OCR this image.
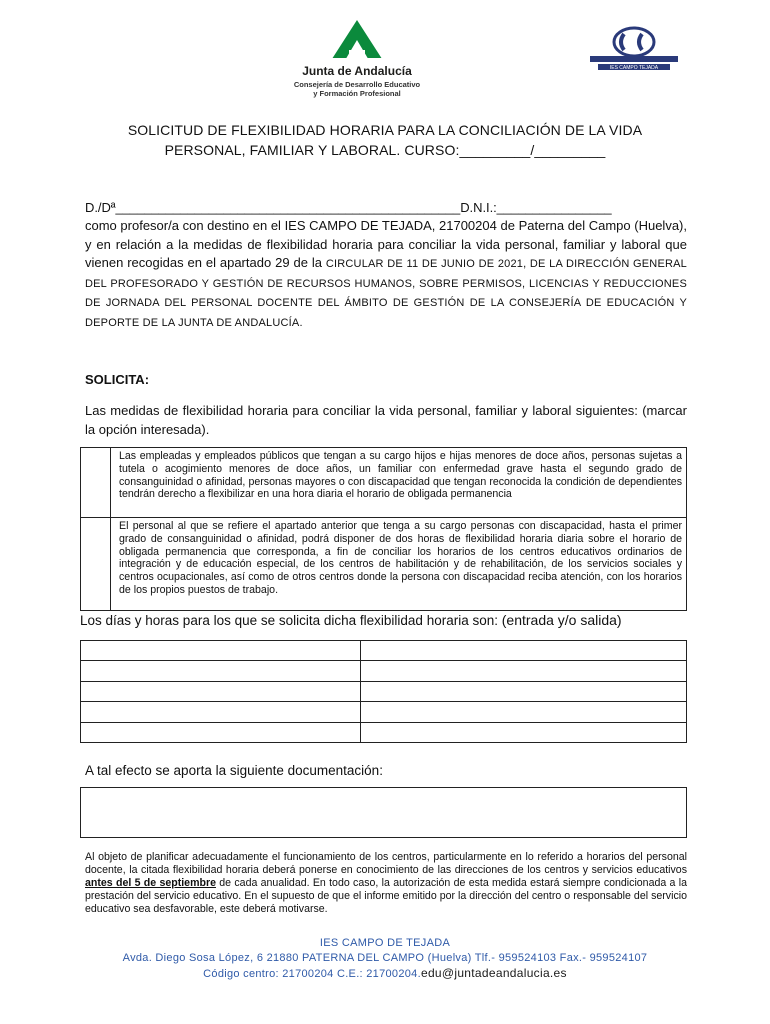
Junta de Andalucía
Consejería de Desarrollo Educativo
y Formación Profesional
IES CAMPO TEJADA
SOLICITUD DE FLEXIBILIDAD HORARIA PARA LA CONCILIACIÓN DE LA VIDA
PERSONAL, FAMILIAR Y LABORAL. CURSO:_________/_________
D./Dª________________________________________________D.N.I.:________________
como profesor/a con destino en el IES CAMPO DE TEJADA, 21700204 de Paterna del Campo (Huelva), y en relación a la medidas de flexibilidad horaria para conciliar la vida personal, familiar y laboral que vienen recogidas en el apartado 29 de la CIRCULAR DE 11 DE JUNIO DE 2021, DE LA DIRECCIÓN GENERAL DEL PROFESORADO Y GESTIÓN DE RECURSOS HUMANOS, SOBRE PERMISOS, LICENCIAS Y REDUCCIONES DE JORNADA DEL PERSONAL DOCENTE DEL ÁMBITO DE GESTIÓN DE LA CONSEJERÍA DE EDUCACIÓN Y DEPORTE DE LA JUNTA DE ANDALUCÍA.
SOLICITA:
Las medidas de flexibilidad horaria para conciliar la vida personal, familiar y laboral siguientes: (marcar la opción interesada).
Las empleadas y empleados públicos que tengan a su cargo hijos e hijas menores de doce años, personas sujetas a tutela o acogimiento menores de doce años, un familiar con enfermedad grave hasta el segundo grado de consanguinidad o afinidad, personas mayores o con discapacidad que tengan reconocida la condición de dependientes tendrán derecho a flexibilizar en una hora diaria el horario de obligada permanencia
El personal al que se refiere el apartado anterior que tenga a su cargo personas con discapacidad, hasta el primer grado de consanguinidad o afinidad, podrá disponer de dos horas de flexibilidad horaria diaria sobre el horario de obligada permanencia que corresponda, a fin de conciliar los horarios de los centros educativos ordinarios de integración y de educación especial, de los centros de habilitación y de rehabilitación, de los servicios sociales y centros ocupacionales, así como de otros centros donde la persona con discapacidad reciba atención, con los horarios de los propios puestos de trabajo.
Los días y horas para los que se solicita dicha flexibilidad horaria son: (entrada y/o salida)
A tal efecto se aporta la siguiente documentación:
Al objeto de planificar adecuadamente el funcionamiento de los centros, particularmente en lo referido a horarios del personal docente, la citada flexibilidad horaria deberá ponerse en conocimiento de las direcciones de los centros y servicios educativos antes del 5 de septiembre de cada anualidad. En todo caso, la autorización de esta medida estará siempre condicionada a la prestación del servicio educativo. En el supuesto de que el informe emitido por la dirección del centro o responsable del servicio educativo sea desfavorable, este deberá motivarse.
IES CAMPO DE TEJADA
Avda. Diego Sosa López, 6 21880 PATERNA DEL CAMPO (Huelva) Tlf.- 959524103 Fax.- 959524107
Código centro: 21700204 C.E.: 21700204.edu@juntadeandalucia.es
